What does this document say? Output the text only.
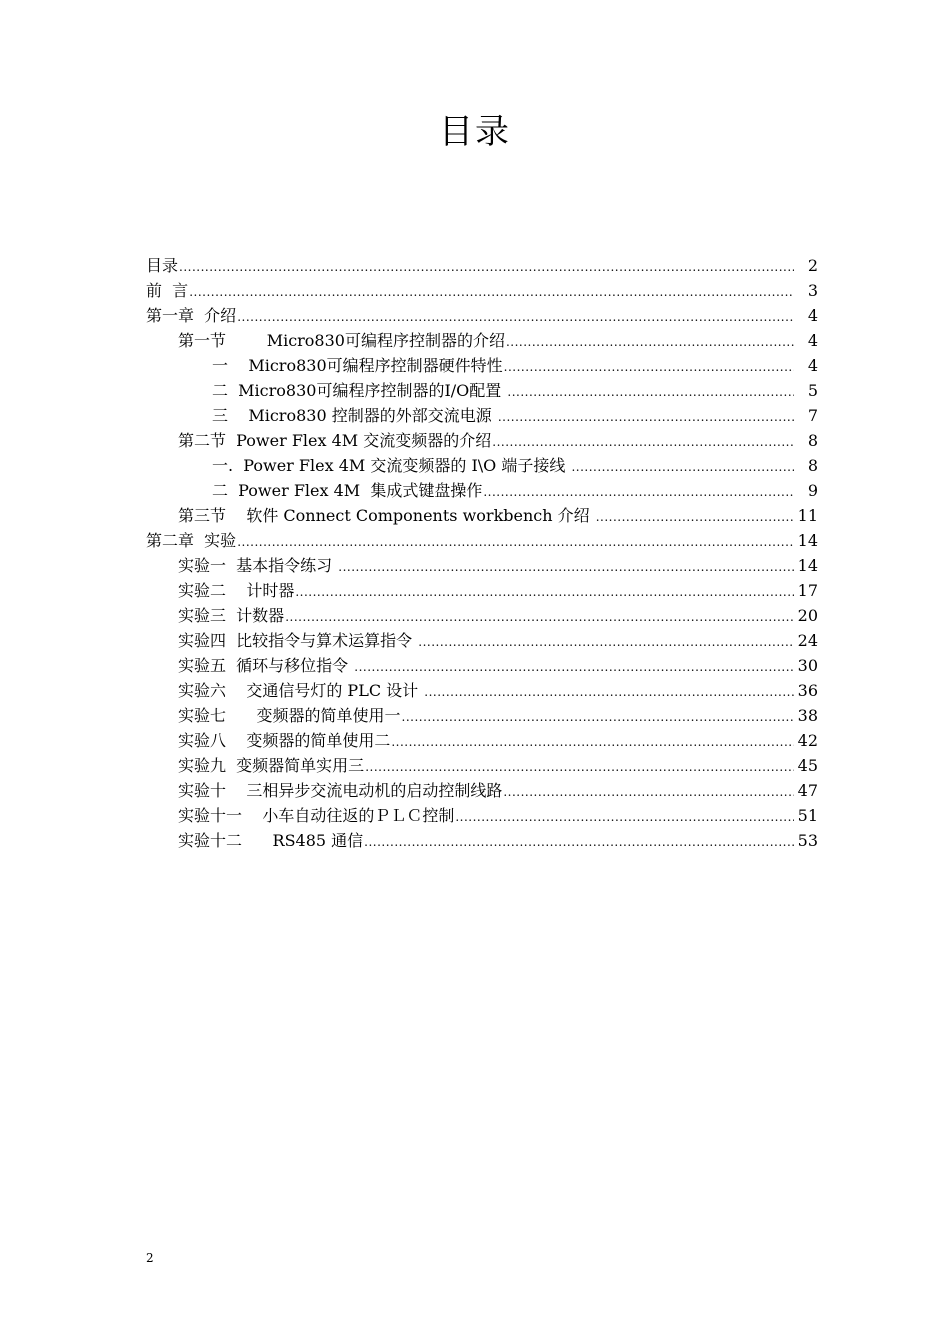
目录
目录 .....	2
前  言 .....	3
第一章  介绍 .....	4
第一节        Micro830可编程序控制器的介绍 .....	4
一    Micro830可编程序控制器硬件特性 .....	4
二  Micro830可编程序控制器的I/O配置 .....	5
三    Micro830 控制器的外部交流电源 .....	7
第二节  Power Flex 4M 交流变频器的介绍 .....	8
一.  Power Flex 4M 交流变频器的 I\O 端子接线 .....	8
二  Power Flex 4M  集成式键盘操作 .....	9
第三节    软件 Connect Components workbench 介绍 .....	11
第二章  实验 .....	14
实验一  基本指令练习 .....	14
实验二    计时器 .....	17
实验三  计数器 .....	20
实验四  比较指令与算术运算指令 .....	24
实验五  循环与移位指令 .....	30
实验六    交通信号灯的 PLC 设计 .....	36
实验七      变频器的简单使用一 .....	38
实验八    变频器的简单使用二 .....	42
实验九  变频器简单实用三 .....	45
实验十    三相异步交流电动机的启动控制线路 .....	47
实验十一    小车自动往返的ＰＬＣ控制 .....	51
实验十二      RS485 通信 .....	53
2
